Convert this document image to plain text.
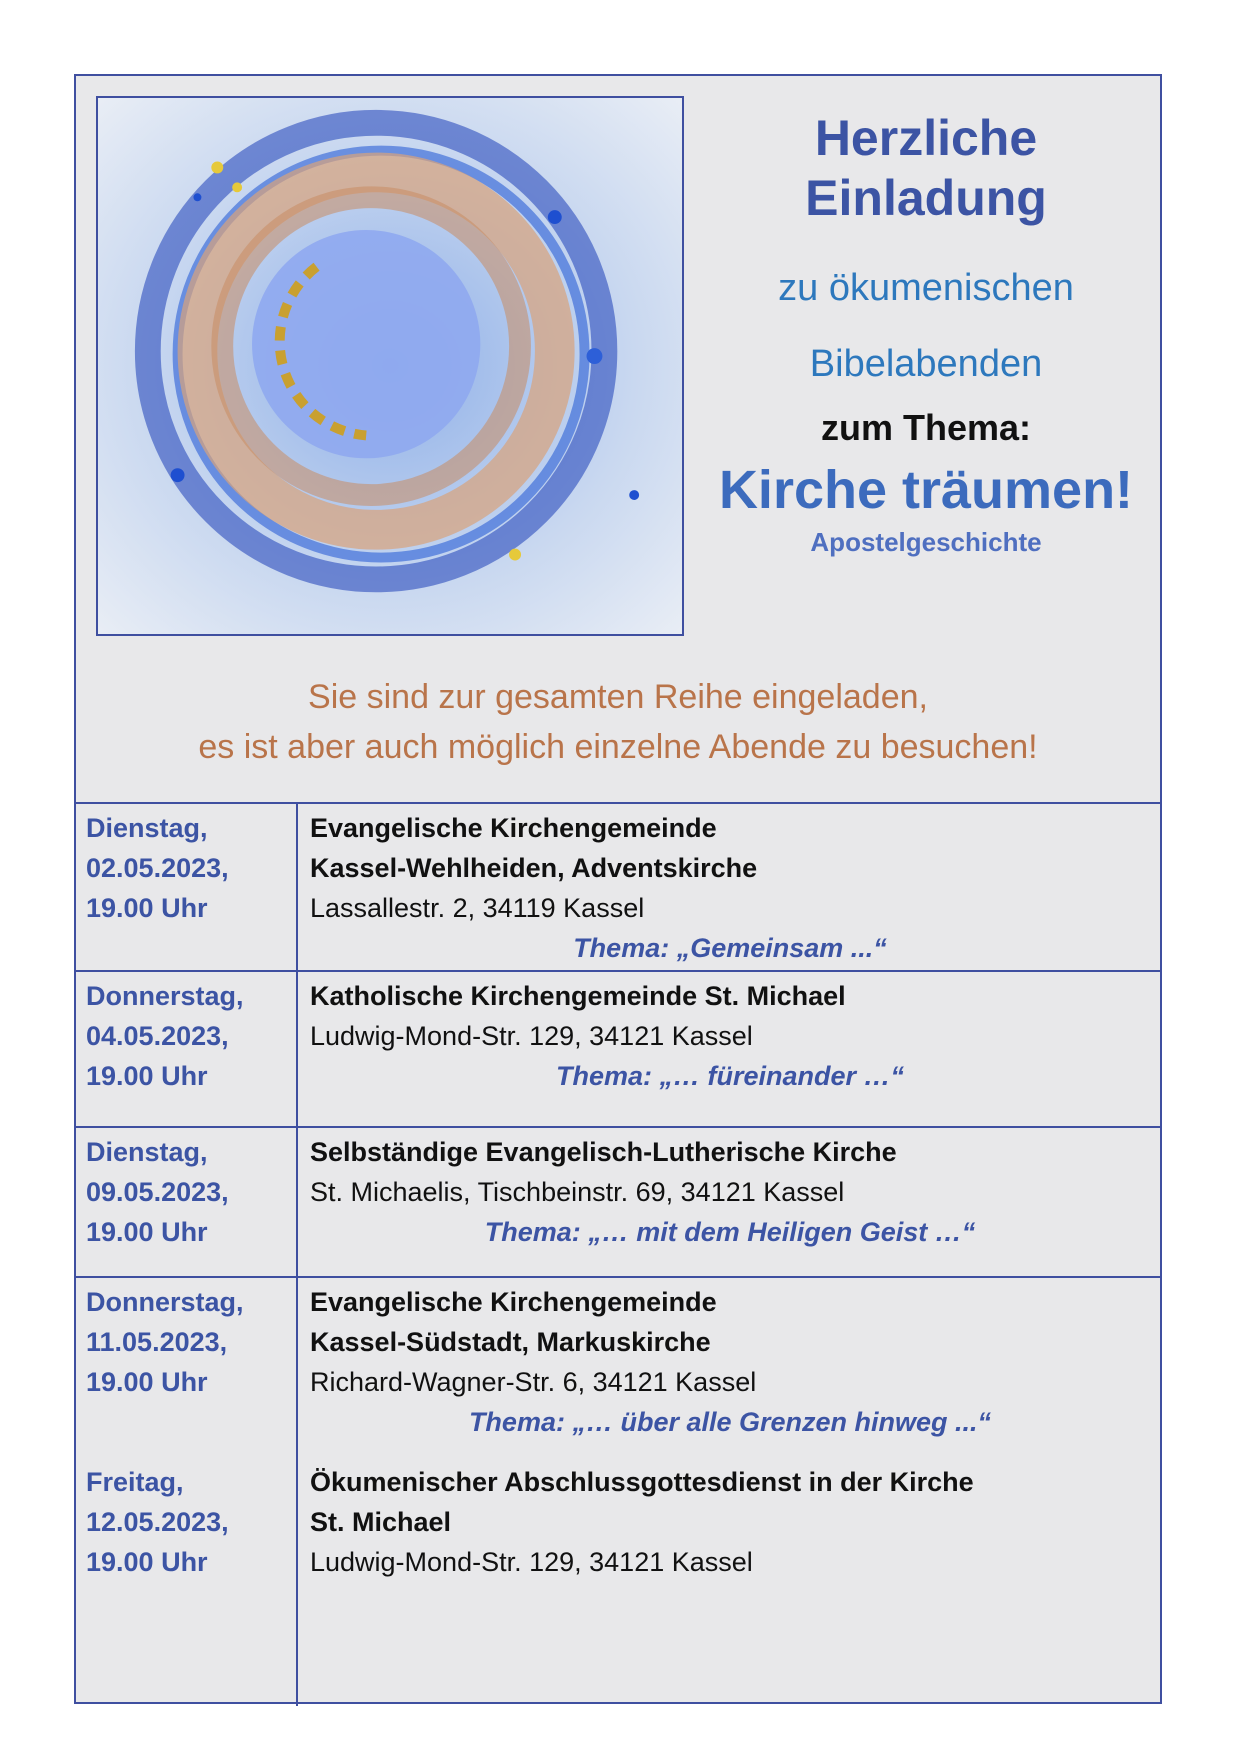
Herzliche
Einladung
zu ökumenischen
Bibelabenden
zum Thema:
Kirche träumen!
Apostelgeschichte
Sie sind zur gesamten Reihe eingeladen,
es ist aber auch möglich einzelne Abende zu besuchen!
Dienstag,
02.05.2023,
19.00 Uhr
Evangelische Kirchengemeinde
Kassel-Wehlheiden, Adventskirche
Lassallestr. 2, 34119 Kassel
Thema: „Gemeinsam ...“
Donnerstag,
04.05.2023,
19.00 Uhr
Katholische Kirchengemeinde St. Michael
Ludwig-Mond-Str. 129, 34121 Kassel
Thema: „… füreinander …“
Dienstag,
09.05.2023,
19.00 Uhr
Selbständige Evangelisch-Lutherische Kirche
St. Michaelis, Tischbeinstr. 69, 34121 Kassel
Thema: „… mit dem Heiligen Geist …“
Donnerstag,
11.05.2023,
19.00 Uhr
Evangelische Kirchengemeinde
Kassel-Südstadt, Markuskirche
Richard-Wagner-Str. 6, 34121 Kassel
Thema: „… über alle Grenzen hinweg ...“
Freitag,
12.05.2023,
19.00 Uhr
Ökumenischer Abschlussgottesdienst in der Kirche
St. Michael
Ludwig-Mond-Str. 129, 34121 Kassel
